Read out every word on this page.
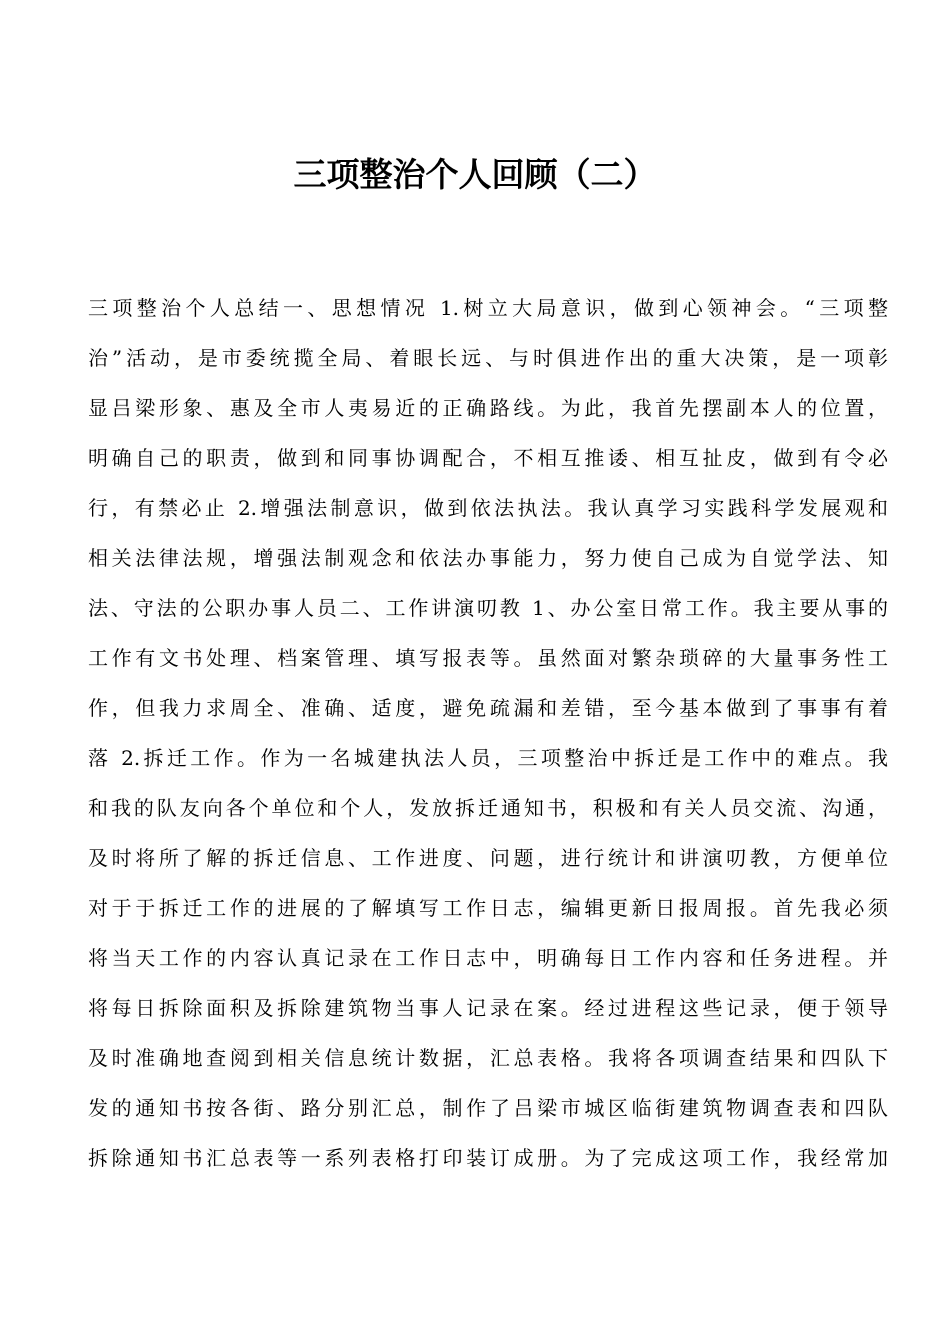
三项整治个人回顾（二）
三项整治个人总结一、思想情况 1.树立大局意识，做到心领神会。“三项整
治”活动，是市委统揽全局、着眼长远、与时俱进作出的重大决策，是一项彰
显吕梁形象、惠及全市人夷易近的正确路线。为此，我首先摆副本人的位置，
明确自己的职责，做到和同事协调配合，不相互推诿、相互扯皮，做到有令必
行，有禁必止 2.增强法制意识，做到依法执法。我认真学习实践科学发展观和
相关法律法规，增强法制观念和依法办事能力，努力使自己成为自觉学法、知
法、守法的公职办事人员二、工作讲演叨教 1、办公室日常工作。我主要从事的
工作有文书处理、档案管理、填写报表等。虽然面对繁杂琐碎的大量事务性工
作，但我力求周全、准确、适度，避免疏漏和差错，至今基本做到了事事有着
落 2.拆迁工作。作为一名城建执法人员，三项整治中拆迁是工作中的难点。我
和我的队友向各个单位和个人，发放拆迁通知书，积极和有关人员交流、沟通，
及时将所了解的拆迁信息、工作进度、问题，进行统计和讲演叨教，方便单位
对于于拆迁工作的进展的了解填写工作日志，编辑更新日报周报。首先我必须
将当天工作的内容认真记录在工作日志中，明确每日工作内容和任务进程。并
将每日拆除面积及拆除建筑物当事人记录在案。经过进程这些记录，便于领导
及时准确地查阅到相关信息统计数据，汇总表格。我将各项调查结果和四队下
发的通知书按各街、路分别汇总，制作了吕梁市城区临街建筑物调查表和四队
拆除通知书汇总表等一系列表格打印装订成册。为了完成这项工作，我经常加
